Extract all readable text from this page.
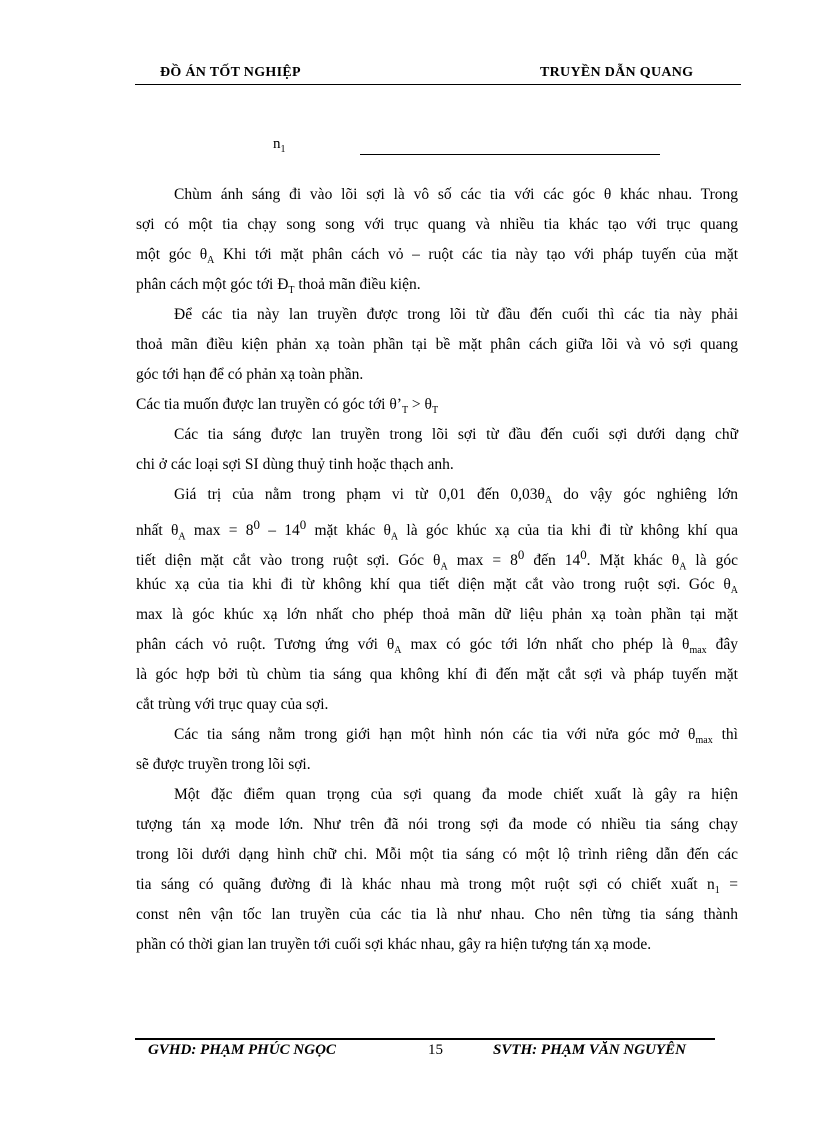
ĐỒ ÁN TỐT NGHIỆP	TRUYỀN DẪN QUANG
$n_1$

Chùm ánh sáng đi vào lõi sợi là vô số các tia với các góc θ khác nhau. Trong

sợi có một tia chạy song song với trục quang và nhiều tia khác tạo với trục quang

một góc $\theta_A$ Khi tới mặt phân cách vỏ – ruột các tia này tạo với pháp tuyến của mặt

phân cách một góc tới $Đ_T$ thoả mãn điều kiện.

Để các tia này lan truyền được trong lõi từ đầu đến cuối thì các tia này phải

thoả mãn điều kiện phản xạ toàn phần tại bề mặt phân cách giữa lõi và vỏ sợi quang

góc tới hạn để có phản xạ toàn phần.

Các tia muốn được lan truyền có góc tới $\theta’_T > \theta_T$

Các tia sáng được lan truyền trong lõi sợi từ đầu đến cuối sợi dưới dạng chữ

chi ở các loại sợi SI dùng thuỷ tinh hoặc thạch anh.

Giá trị của nằm trong phạm vi từ 0,01 đến $0,03\theta_A$ do vậy góc nghiêng lớn

nhất $\theta_A$ $\max = 8^0 - 14^0$ mặt khác $\theta_A$ là góc khúc xạ của tia khi đi từ không khí qua

tiết diện mặt cắt vào trong ruột sợi. Góc $\theta_A$ $\max = 8^0$ đến $14^0$. Mặt khác $\theta_A$ là góc

khúc xạ của tia khi đi từ không khí qua tiết diện mặt cắt vào trong ruột sợi. Góc $\theta_A$

max là góc khúc xạ lớn nhất cho phép thoả mãn dữ liệu phản xạ toàn phần tại mặt

phân cách vỏ ruột. Tương ứng với $\theta_A$ max có góc tới lớn nhất cho phép là $\theta_{max}$ đây

là góc hợp bởi tù chùm tia sáng qua không khí đi đến mặt cắt sợi và pháp tuyến mặt

cắt trùng với trục quay của sợi.

Các tia sáng nằm trong giới hạn một hình nón các tia với nửa góc mở $\theta_{max}$ thì

sẽ được truyền trong lõi sợi.

Một đặc điểm quan trọng của sợi quang đa mode chiết xuất là gây ra hiện

tượng tán xạ mode lớn. Như trên đã nói trong sợi đa mode có nhiều tia sáng chạy

trong lõi dưới dạng hình chữ chi. Mỗi một tia sáng có một lộ trình riêng dẫn đến các

tia sáng có quãng đường đi là khác nhau mà trong một ruột sợi có chiết xuất $n_1$ =

const nên vận tốc lan truyền của các tia là như nhau. Cho nên từng tia sáng thành

phần có thời gian lan truyền tới cuối sợi khác nhau, gây ra hiện tượng tán xạ mode.

GVHD: PHẠM PHÚC NGỌC	15	SVTH: PHẠM VĂN NGUYÊN
